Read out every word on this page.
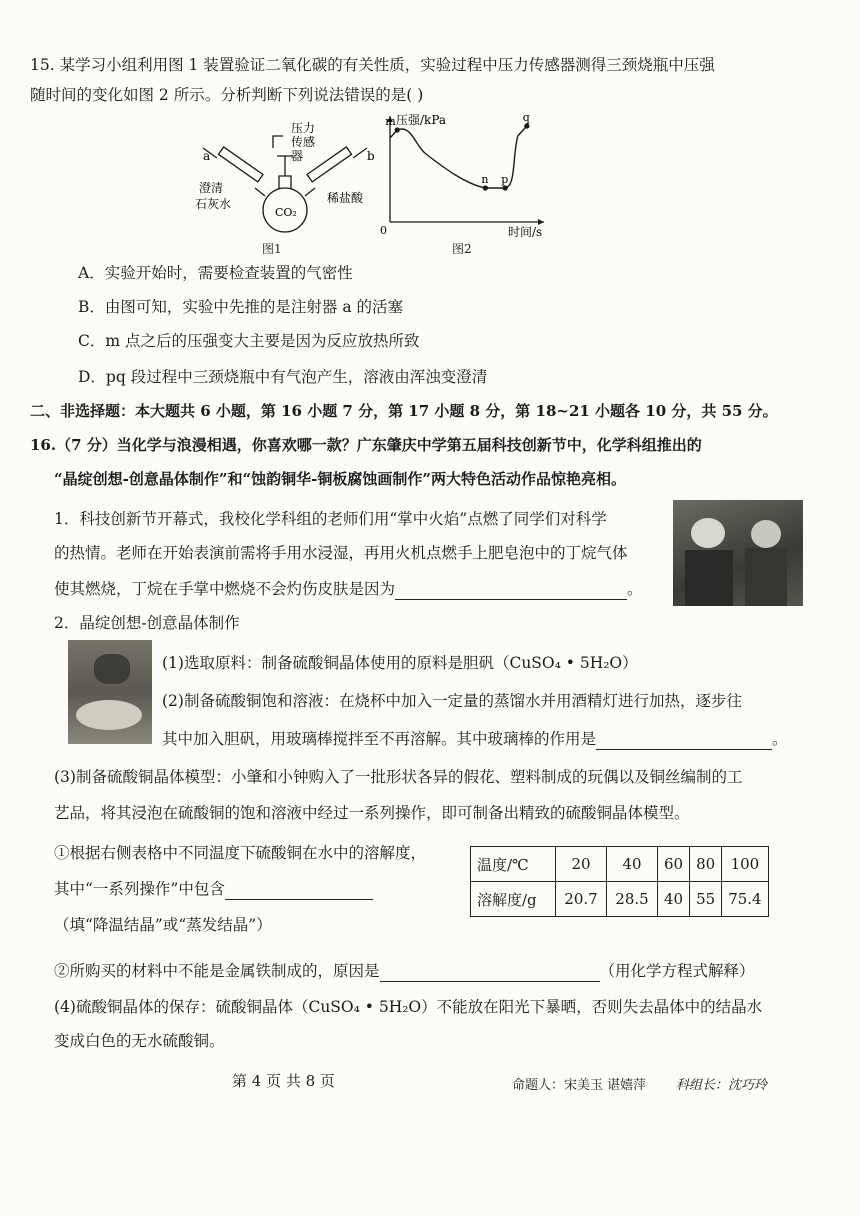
15. 某学习小组利用图 1 装置验证二氧化碳的有关性质，实验过程中压力传感器测得三颈烧瓶中压强
随时间的变化如图 2 所示。分析判断下列说法错误的是( )
a	b
压力
传感
器
澄清
石灰水	稀盐酸
CO₂
图1
m
n p
q
压强/kPa
时间/s
0
图2
A．实验开始时，需要检查装置的气密性
B．由图可知，实验中先推的是注射器 a 的活塞
C．m 点之后的压强变大主要是因为反应放热所致
D．pq 段过程中三颈烧瓶中有气泡产生，溶液由浑浊变澄清
二、非选择题：本大题共 6 小题，第 16 小题 7 分，第 17 小题 8 分，第 18~21 小题各 10 分，共 55 分。
16.（7 分）当化学与浪漫相遇，你喜欢哪一款？广东肇庆中学第五届科技创新节中，化学科组推出的
“晶绽创想-创意晶体制作”和“蚀韵铜华-铜板腐蚀画制作”两大特色活动作品惊艳亮相。
1．科技创新节开幕式，我校化学科组的老师们用“掌中火焰”点燃了同学们对科学
的热情。老师在开始表演前需将手用水浸湿，再用火机点燃手上肥皂泡中的丁烷气体
使其燃烧，丁烷在手掌中燃烧不会灼伤皮肤是因为	。
2．晶绽创想-创意晶体制作
(1)选取原料：制备硫酸铜晶体使用的原料是胆矾（CuSO₄ • 5H₂O）
(2)制备硫酸铜饱和溶液：在烧杯中加入一定量的蒸馏水并用酒精灯进行加热，逐步往
其中加入胆矾，用玻璃棒搅拌至不再溶解。其中玻璃棒的作用是	。
(3)制备硫酸铜晶体模型：小肇和小钟购入了一批形状各异的假花、塑料制成的玩偶以及铜丝编制的工
艺品，将其浸泡在硫酸铜的饱和溶液中经过一系列操作，即可制备出精致的硫酸铜晶体模型。
①根据右侧表格中不同温度下硫酸铜在水中的溶解度，
其中“一系列操作”中包含
（填“降温结晶”或“蒸发结晶”）
温度/℃	20	40	60	80	100
溶解度/g	20.7	28.5	40	55	75.4
②所购买的材料中不能是金属铁制成的，原因是	（用化学方程式解释）
(4)硫酸铜晶体的保存：硫酸铜晶体（CuSO₄ • 5H₂O）不能放在阳光下暴晒，否则失去晶体中的结晶水
变成白色的无水硫酸铜。
第 4 页 共 8 页	命题人：宋美玉 谌嬉萍 科组长：沈巧玲
